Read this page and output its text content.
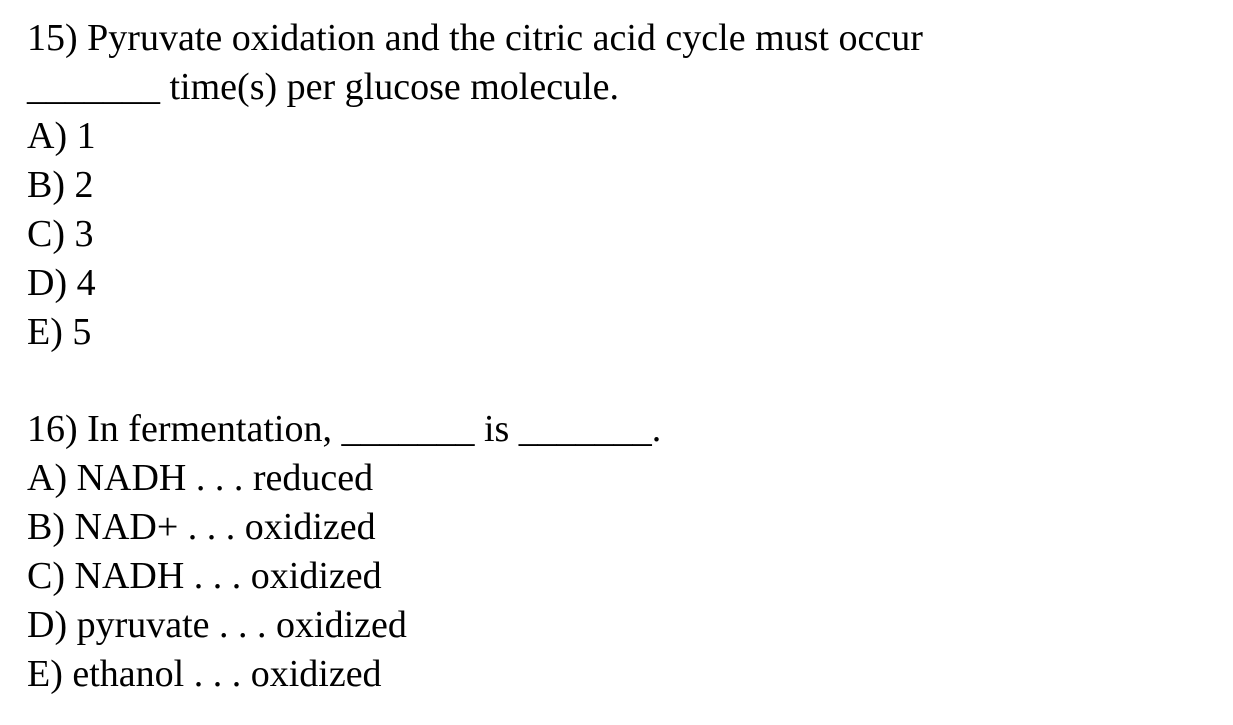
15) Pyruvate oxidation and the citric acid cycle must occur
_______ time(s) per glucose molecule.
A) 1
B) 2
C) 3
D) 4
E) 5
16) In fermentation, _______ is _______.
A) NADH . . . reduced
B) NAD+ . . . oxidized
C) NADH . . . oxidized
D) pyruvate . . . oxidized
E) ethanol . . . oxidized
